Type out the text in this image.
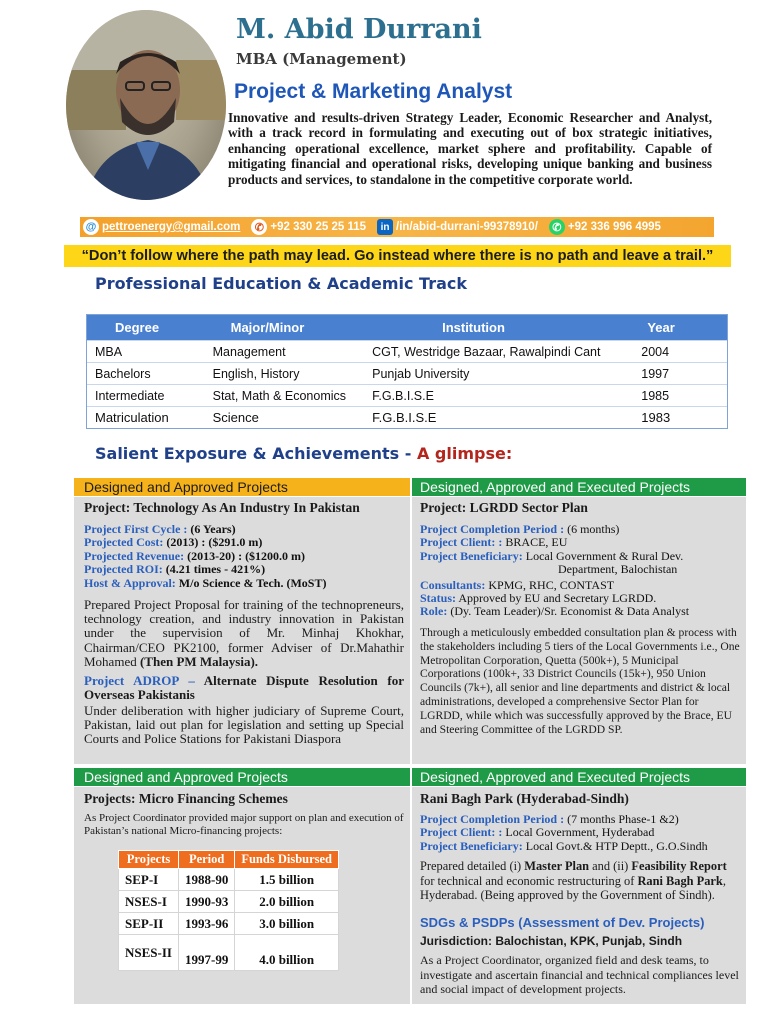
M. Abid Durrani
MBA (Management)
Project & Marketing Analyst
Innovative and results-driven Strategy Leader, Economic Researcher and Analyst, with a track record in formulating and executing out of box strategic initiatives, enhancing operational excellence, market sphere and profitability. Capable of mitigating financial and operational risks, developing unique banking and business products and services, to standalone in the competitive corporate world.
@ pettroenergy@gmail.com	✆ +92 330 25 25 115	in /in/abid-durrani-99378910/	✆ +92 336 996 4995
“Don’t follow where the path may lead. Go instead where there is no path and leave a trail.”
Professional Education & Academic Track
Degree	Major/Minor	Institution	Year
MBA	Management	CGT, Westridge Bazaar, Rawalpindi Cant	2004
Bachelors	English, History	Punjab University	1997
Intermediate	Stat, Math & Economics	F.G.B.I.S.E	1985
Matriculation	Science	F.G.B.I.S.E	1983
Salient Exposure & Achievements - A glimpse:
Designed and Approved Projects
Project: Technology As An Industry In Pakistan
Project First Cycle : (6 Years)
Projected Cost: (2013) : ($291.0 m)
Projected Revenue: (2013-20) : ($1200.0 m)
Projected ROI: (4.21 times - 421%)
Host & Approval: M/o Science & Tech. (MoST)
Prepared Project Proposal for training of the technopreneurs, technology creation, and industry innovation in Pakistan under the supervision of Mr. Minhaj Khokhar, Chairman/CEO PK2100, former Adviser of Dr.Mahathir Mohamed (Then PM Malaysia).
Project ADROP – Alternate Dispute Resolution for Overseas Pakistanis
Under deliberation with higher judiciary of Supreme Court, Pakistan, laid out plan for legislation and setting up Special Courts and Police Stations for Pakistani Diaspora
Designed, Approved and Executed Projects
Project: LGRDD Sector Plan
Project Completion Period : (6 months)
Project Client: : BRACE, EU
Project Beneficiary: Local Government & Rural Dev.
Department, Balochistan
Consultants: KPMG, RHC, CONTAST
Status: Approved by EU and Secretary LGRDD.
Role: (Dy. Team Leader)/Sr. Economist & Data Analyst
Through a meticulously embedded consultation plan & process with the stakeholders including 5 tiers of the Local Governments i.e., One Metropolitan Corporation, Quetta (500k+), 5 Municipal Corporations (100k+, 33 District Councils (15k+), 950 Union Councils (7k+), all senior and line departments and district & local administrations, developed a comprehensive Sector Plan for LGRDD, while which was successfully approved by the Brace, EU and Steering Committee of the LGRDD SP.
Designed and Approved Projects
Projects: Micro Financing Schemes
As Project Coordinator provided major support on plan and execution of Pakistan’s national Micro-financing projects:
Projects	Period	Funds Disbursed
SEP-I	1988-90	1.5 billion
NSES-I	1990-93	2.0 billion
SEP-II	1993-96	3.0 billion
NSES-II	1997-99	4.0 billion
Designed, Approved and Executed Projects
Rani Bagh Park (Hyderabad-Sindh)
Project Completion Period : (7 months Phase-1 &2)
Project Client: : Local Government, Hyderabad
Project Beneficiary: Local Govt.& HTP Deptt., G.O.Sindh
Prepared detailed (i) Master Plan and (ii) Feasibility Report for technical and economic restructuring of Rani Bagh Park, Hyderabad. (Being approved by the Government of Sindh).
SDGs & PSDPs (Assessment of Dev. Projects)
Jurisdiction: Balochistan, KPK, Punjab, Sindh
As a Project Coordinator, organized field and desk teams, to investigate and ascertain financial and technical compliances level and social impact of development projects.
